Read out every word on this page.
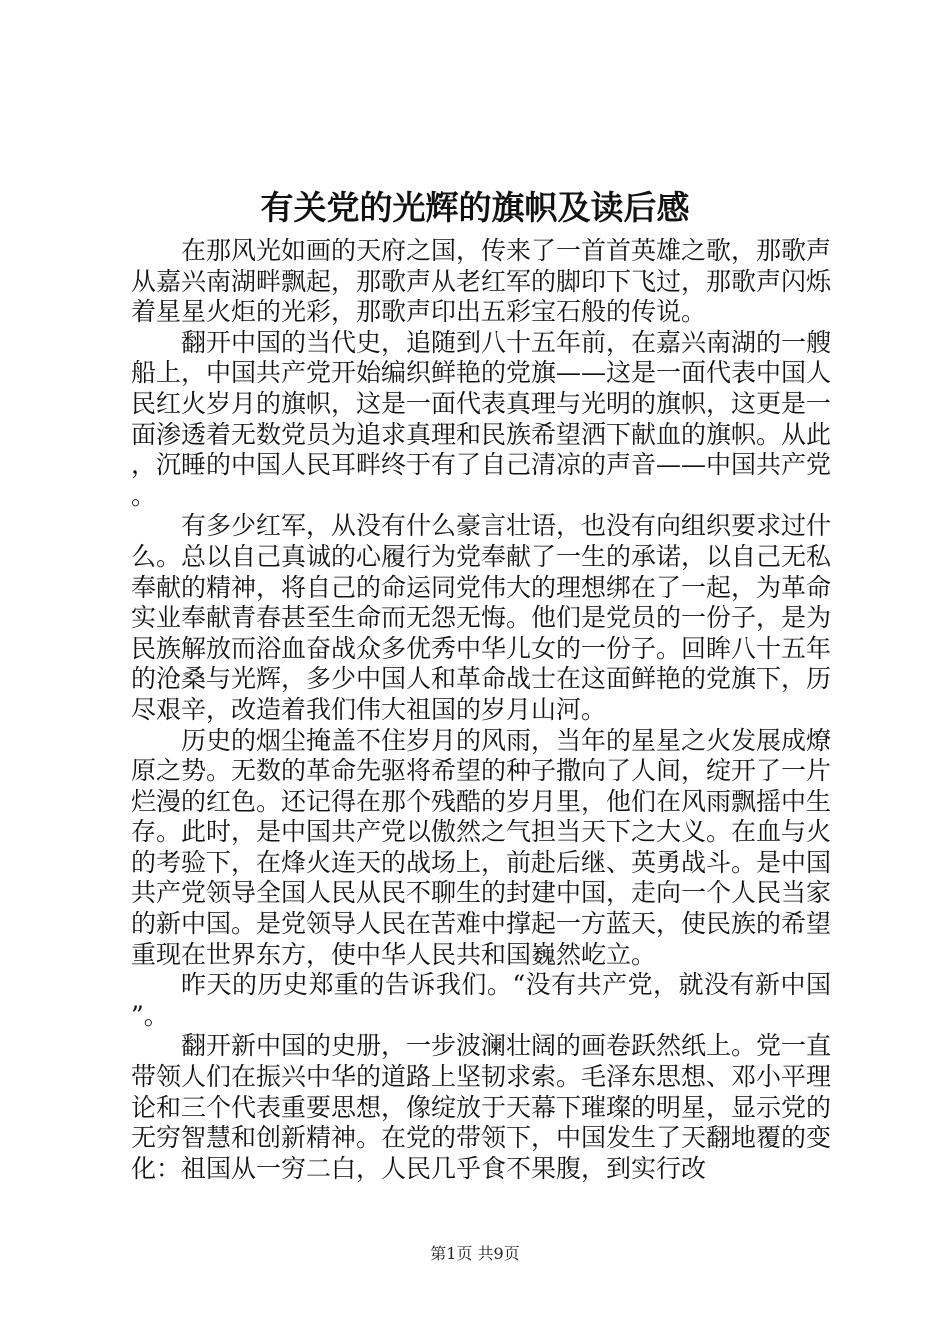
有关党的光辉的旗帜及读后感

在那风光如画的天府之国，传来了一首首英雄之歌，那歌声从嘉兴南湖畔飘起，那歌声从老红军的脚印下飞过，那歌声闪烁着星星火炬的光彩，那歌声印出五彩宝石般的传说。

翻开中国的当代史，追随到八十五年前，在嘉兴南湖的一艘船上，中国共产党开始编织鲜艳的党旗——这是一面代表中国人民红火岁月的旗帜，这是一面代表真理与光明的旗帜，这更是一面渗透着无数党员为追求真理和民族希望洒下献血的旗帜。从此，沉睡的中国人民耳畔终于有了自己清凉的声音——中国共产党。

有多少红军，从没有什么豪言壮语，也没有向组织要求过什么。总以自己真诚的心履行为党奉献了一生的承诺，以自己无私奉献的精神，将自己的命运同党伟大的理想绑在了一起，为革命实业奉献青春甚至生命而无怨无悔。他们是党员的一份子，是为民族解放而浴血奋战众多优秀中华儿女的一份子。回眸八十五年的沧桑与光辉，多少中国人和革命战士在这面鲜艳的党旗下，历尽艰辛，改造着我们伟大祖国的岁月山河。

历史的烟尘掩盖不住岁月的风雨，当年的星星之火发展成燎原之势。无数的革命先驱将希望的种子撒向了人间，绽开了一片烂漫的红色。还记得在那个残酷的岁月里，他们在风雨飘摇中生存。此时，是中国共产党以傲然之气担当天下之大义。在血与火的考验下，在烽火连天的战场上，前赴后继、英勇战斗。是中国共产党领导全国人民从民不聊生的封建中国，走向一个人民当家的新中国。是党领导人民在苦难中撑起一方蓝天，使民族的希望重现在世界东方，使中华人民共和国巍然屹立。

昨天的历史郑重的告诉我们。“没有共产党，就没有新中国”。

翻开新中国的史册，一步波澜壮阔的画卷跃然纸上。党一直带领人们在振兴中华的道路上坚韧求索。毛泽东思想、邓小平理论和三个代表重要思想，像绽放于天幕下璀璨的明星，显示党的无穷智慧和创新精神。在党的带领下，中国发生了天翻地覆的变化：祖国从一穷二白，人民几乎食不果腹，到实行改

第1页 共9页
